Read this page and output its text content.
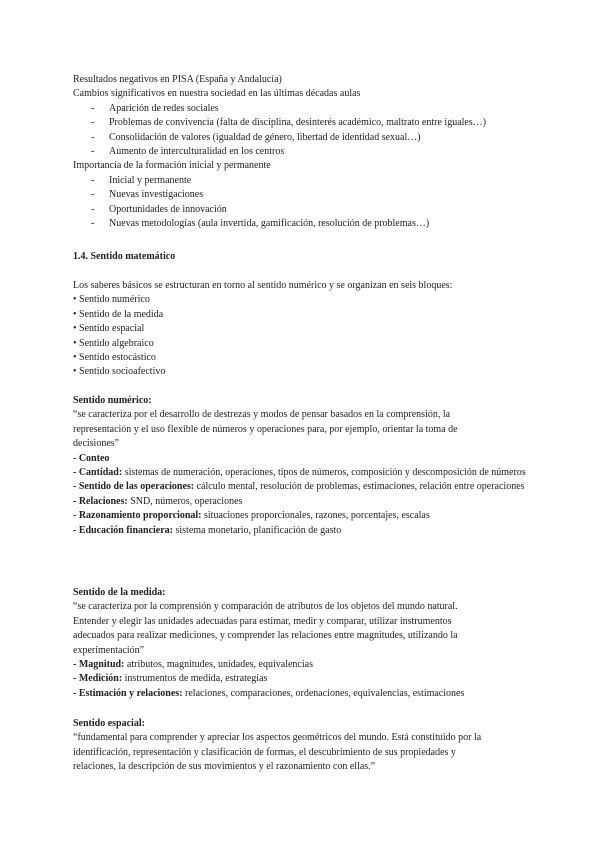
Resultados negativos en PISA (España y Andalucía)
Cambios significativos en nuestra sociedad en las últimas décadas aulas
- Aparición de redes sociales
- Problemas de convivencia (falta de disciplina, desinterés académico, maltrato entre iguales…)
- Consolidación de valores (igualdad de género, libertad de identidad sexual…)
- Aumento de interculturalidad en los centros
Importancia de la formación inicial y permanente
- Inicial y permanente
- Nuevas investigaciones
- Oportunidades de innovación
- Nuevas metodologías (aula invertida, gamificación, resolución de problemas…)
1.4. Sentido matemático
Los saberes básicos se estructuran en torno al sentido numérico y se organizan en seis bloques:
• Sentido numérico
• Sentido de la medida
• Sentido espacial
• Sentido algebraico
• Sentido estocástico
• Sentido socioafectivo
Sentido numérico:
“se caracteriza por el desarrollo de destrezas y modos de pensar basados en la comprensión, la
representación y el uso flexible de números y operaciones para, por ejemplo, orientar la toma de
decisiones”
- Conteo
- Cantidad: sistemas de numeración, operaciones, tipos de números, composición y descomposición de números
- Sentido de las operaciones: cálculo mental, resolución de problemas, estimaciones, relación entre operaciones
- Relaciones: SND, números, operaciones
- Razonamiento proporcional: situaciones proporcionales, razones, porcentajes, escalas
- Educación financiera: sistema monetario, planificación de gasto
Sentido de la medida:
“se caracteriza por la comprensión y comparación de atributos de los objetos del mundo natural.
Entender y elegir las unidades adecuadas para estimar, medir y comparar, utilizar instrumentos
adecuados para realizar mediciones, y comprender las relaciones entre magnitudes, utilizando la
experimentación”
- Magnitud: atributos, magnitudes, unidades, equivalencias
- Medición: instrumentos de medida, estrategias
- Estimación y relaciones: relaciones, comparaciones, ordenaciones, equivalencias, estimaciones
Sentido espacial:
“fundamental para comprender y apreciar los aspectos geométricos del mundo. Está constituido por la
identificación, representación y clasificación de formas, el descubrimiento de sus propiedades y
relaciones, la descripción de sus movimientos y el razonamiento con ellas.”
